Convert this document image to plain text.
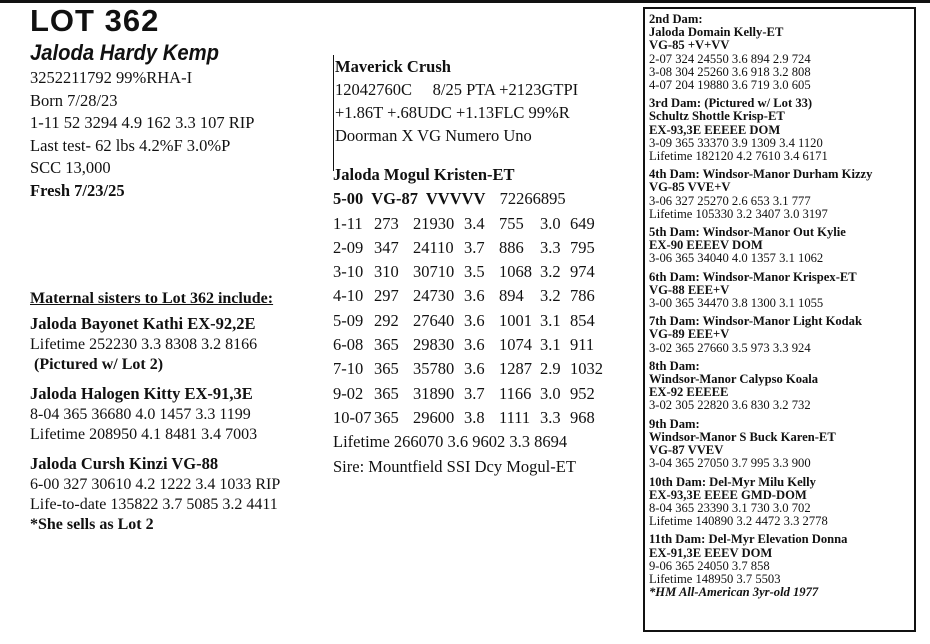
LOT 362
Jaloda Hardy Kemp
3252211792 99%RHA-I
Born 7/28/23
1-11 52 3294 4.9 162 3.3 107 RIP
Last test- 62 lbs 4.2%F 3.0%P
SCC 13,000
Fresh 7/23/25
Maternal sisters to Lot 362 include:
Jaloda Bayonet Kathi EX-92,2E
Lifetime 252230 3.3 8308 3.2 8166
(Pictured w/ Lot 2)
Jaloda Halogen Kitty EX-91,3E
8-04 365 36680 4.0 1457 3.3 1199
Lifetime 208950 4.1 8481 3.4 7003
Jaloda Cursh Kinzi VG-88
6-00 327 30610 4.2 1222 3.4 1033 RIP
Life-to-date 135822 3.7 5085 3.2 4411
*She sells as Lot 2
Maverick Crush
12042760C     8/25 PTA +2123GTPI
+1.86T +.68UDC +1.13FLC 99%R
Doorman X VG Numero Uno
Jaloda Mogul Kristen-ET
5-00  VG-87  VVVVV 72266895
1-11 273 21930 3.4 755 3.0 649
2-09 347 24110 3.7 886 3.3 795
3-10 310 30710 3.5 1068 3.2 974
4-10 297 24730 3.6 894 3.2 786
5-09 292 27640 3.6 1001 3.1 854
6-08 365 29830 3.6 1074 3.1 911
7-10 365 35780 3.6 1287 2.9 1032
9-02 365 31890 3.7 1166 3.0 952
10-07 365 29600 3.8 1111 3.3 968
Lifetime 266070 3.6 9602 3.3 8694
Sire: Mountfield SSI Dcy Mogul-ET
2nd Dam:
Jaloda Domain Kelly-ET
VG-85 +V+VV
2-07 324 24550 3.6 894 2.9 724
3-08 304 25260 3.6 918 3.2 808
4-07 204 19880 3.6 719 3.0 605
3rd Dam: (Pictured w/ Lot 33)
Schultz Shottle Krisp-ET
EX-93,3E EEEEE DOM
3-09 365 33370 3.9 1309 3.4 1120
Lifetime 182120 4.2 7610 3.4 6171
4th Dam: Windsor-Manor Durham Kizzy
VG-85 VVE+V
3-06 327 25270 2.6 653 3.1 777
Lifetime 105330 3.2 3407 3.0 3197
5th Dam: Windsor-Manor Out Kylie
EX-90 EEEEV DOM
3-06 365 34040 4.0 1357 3.1 1062
6th Dam: Windsor-Manor Krispex-ET
VG-88 EEE+V
3-00 365 34470 3.8 1300 3.1 1055
7th Dam: Windsor-Manor Light Kodak
VG-89 EEE+V
3-02 365 27660 3.5 973 3.3 924
8th Dam:
Windsor-Manor Calypso Koala
EX-92 EEEEE
3-02 305 22820 3.6 830 3.2 732
9th Dam:
Windsor-Manor S Buck Karen-ET
VG-87 VVEV
3-04 365 27050 3.7 995 3.3 900
10th Dam: Del-Myr Milu Kelly
EX-93,3E EEEE GMD-DOM
8-04 365 23390 3.1 730 3.0 702
Lifetime 140890 3.2 4472 3.3 2778
11th Dam: Del-Myr Elevation Donna
EX-91,3E EEEV DOM
9-06 365 24050 3.7 858
Lifetime 148950 3.7 5503
*HM All-American 3yr-old 1977
